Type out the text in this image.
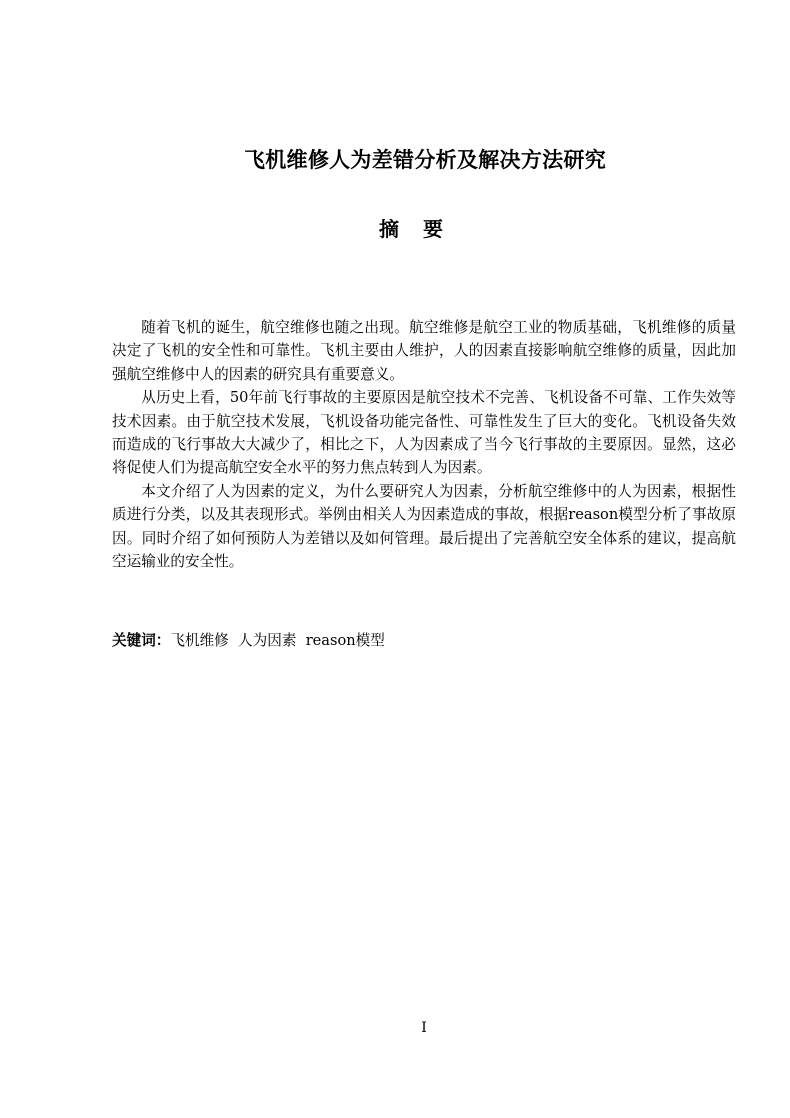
飞机维修人为差错分析及解决方法研究
摘要

随着飞机的诞生，航空维修也随之出现。航空维修是航空工业的物质基础，飞机维修的质量决定了飞机的安全性和可靠性。飞机主要由人维护，人的因素直接影响航空维修的质量，因此加强航空维修中人的因素的研究具有重要意义。

从历史上看，50年前飞行事故的主要原因是航空技术不完善、飞机设备不可靠、工作失效等技术因素。由于航空技术发展，飞机设备功能完备性、可靠性发生了巨大的变化。飞机设备失效而造成的飞行事故大大减少了，相比之下，人为因素成了当今飞行事故的主要原因。显然，这必将促使人们为提高航空安全水平的努力焦点转到人为因素。

本文介绍了人为因素的定义，为什么要研究人为因素，分析航空维修中的人为因素，根据性质进行分类，以及其表现形式。举例由相关人为因素造成的事故，根据reason模型分析了事故原因。同时介绍了如何预防人为差错以及如何管理。最后提出了完善航空安全体系的建议，提高航空运输业的安全性。

关键词：飞机维修  人为因素  reason模型
I
